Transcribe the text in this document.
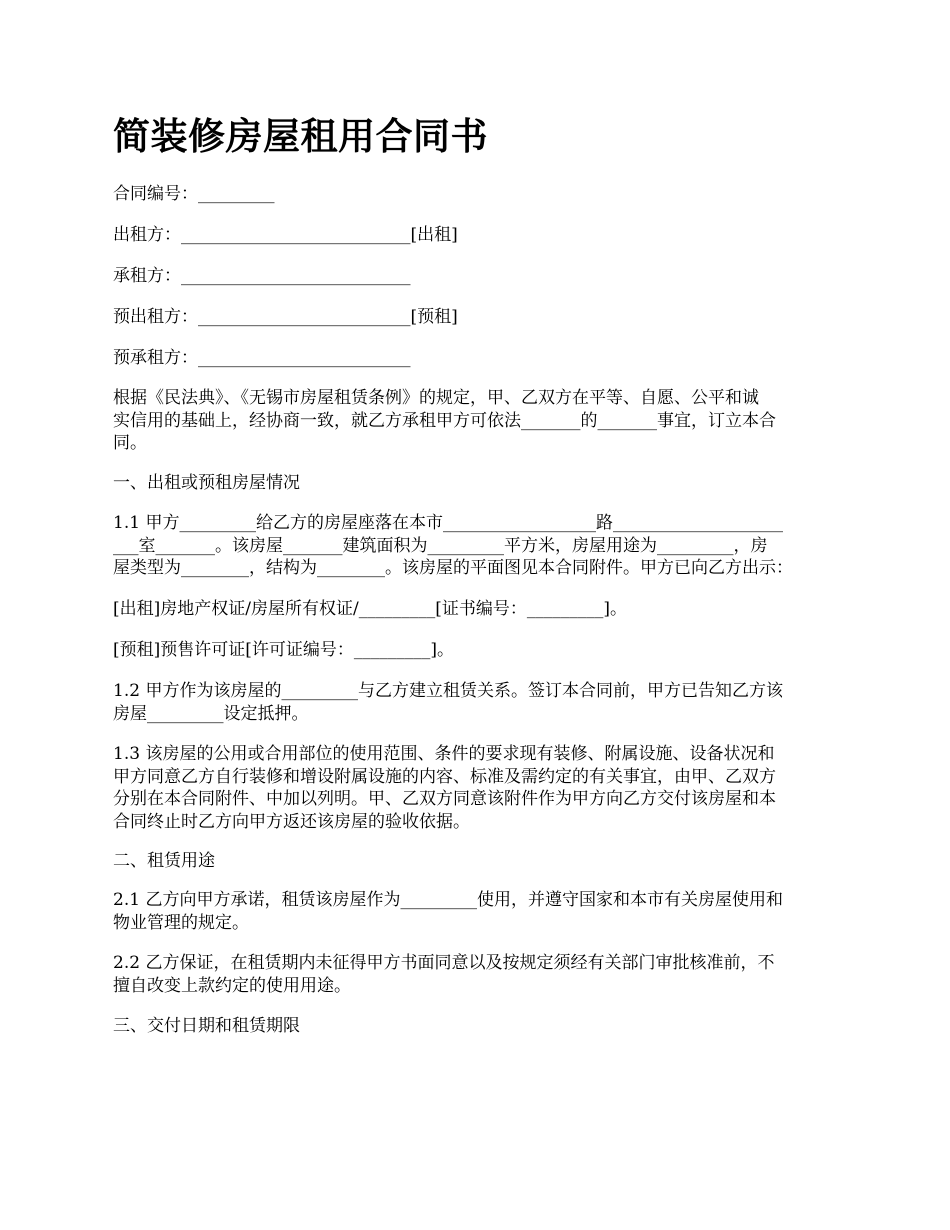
简装修房屋租用合同书

合同编号：_________

出租方：___________________________[出租]

承租方：___________________________

预出租方：_________________________[预租]

预承租方：_________________________

根据《民法典》、《无锡市房屋租赁条例》的规定，甲、乙双方在平等、自愿、公平和诚
实信用的基础上，经协商一致，就乙方承租甲方可依法_______的_______事宜，订立本合
同。

一、出租或预租房屋情况

1.1 甲方_________给乙方的房屋座落在本市__________________路____________________
___室_______。该房屋_______建筑面积为_________平方米，房屋用途为_________，房
屋类型为________，结构为________。该房屋的平面图见本合同附件。甲方已向乙方出示：

[出租]房地产权证/房屋所有权证/_________[证书编号：_________]。

[预租]预售许可证[许可证编号：_________]。

1.2 甲方作为该房屋的_________与乙方建立租赁关系。签订本合同前，甲方已告知乙方该
房屋_________设定抵押。

1.3 该房屋的公用或合用部位的使用范围、条件的要求现有装修、附属设施、设备状况和
甲方同意乙方自行装修和增设附属设施的内容、标准及需约定的有关事宜，由甲、乙双方
分别在本合同附件、中加以列明。甲、乙双方同意该附件作为甲方向乙方交付该房屋和本
合同终止时乙方向甲方返还该房屋的验收依据。

二、租赁用途

2.1 乙方向甲方承诺，租赁该房屋作为_________使用，并遵守国家和本市有关房屋使用和
物业管理的规定。

2.2 乙方保证，在租赁期内未征得甲方书面同意以及按规定须经有关部门审批核准前，不
擅自改变上款约定的使用用途。

三、交付日期和租赁期限
